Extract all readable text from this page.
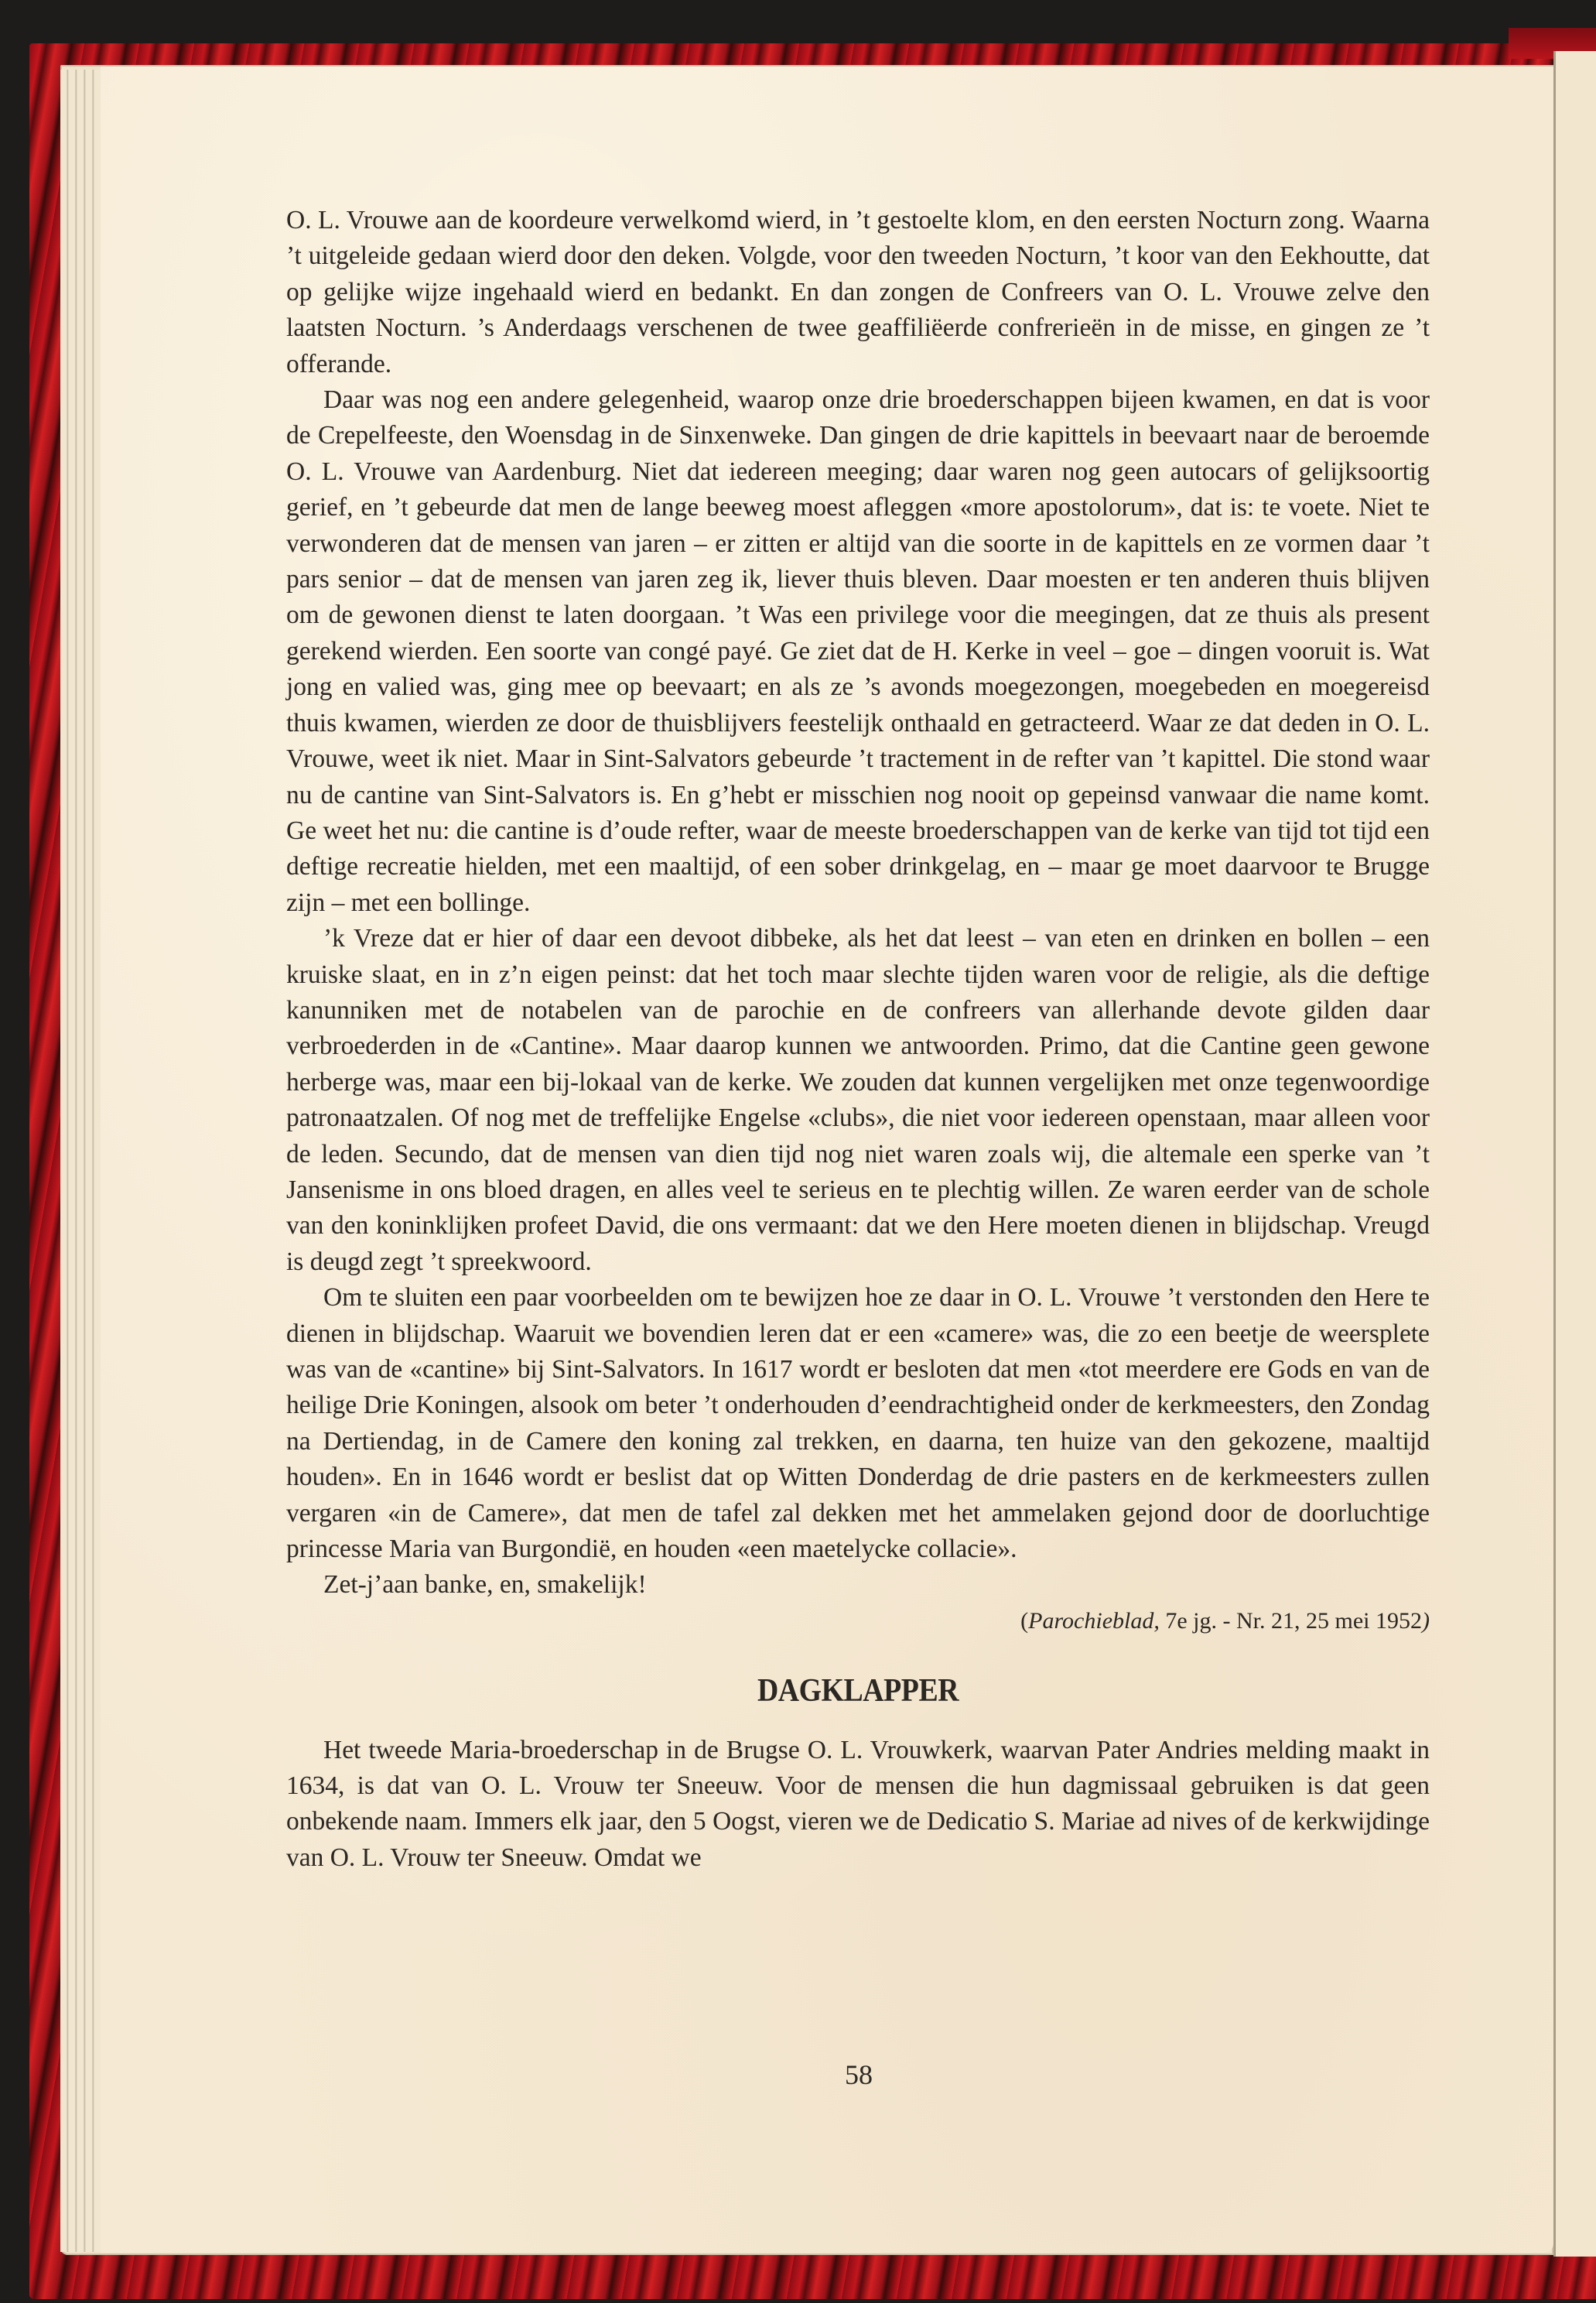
O. L. Vrouwe aan de koordeure verwelkomd wierd, in ’t gestoelte klom, en den eersten Nocturn zong. Waarna ’t uitgeleide gedaan wierd door den deken. Volgde, voor den tweeden Nocturn, ’t koor van den Eekhoutte, dat op gelijke wijze ingehaald wierd en bedankt. En dan zongen de Confreers van O. L. Vrouwe zelve den laatsten Nocturn. ’s Anderdaags verschenen de twee geaffiliëerde confrerieën in de misse, en gingen ze ’t offerande.

Daar was nog een andere gelegenheid, waarop onze drie broederschappen bijeen kwamen, en dat is voor de Crepelfeeste, den Woensdag in de Sinxenweke. Dan gingen de drie kapittels in beevaart naar de beroemde O. L. Vrouwe van Aardenburg. Niet dat iedereen meeging; daar waren nog geen autocars of gelijksoortig gerief, en ’t gebeurde dat men de lange beeweg moest afleggen «more apostolorum», dat is: te voete. Niet te verwonderen dat de mensen van jaren – er zitten er altijd van die soorte in de kapittels en ze vormen daar ’t pars senior – dat de mensen van jaren zeg ik, liever thuis bleven. Daar moesten er ten anderen thuis blijven om de gewonen dienst te laten doorgaan. ’t Was een privilege voor die meegingen, dat ze thuis als present gerekend wierden. Een soorte van congé payé. Ge ziet dat de H. Kerke in veel – goe – dingen vooruit is. Wat jong en valied was, ging mee op beevaart; en als ze ’s avonds moegezongen, moegebeden en moegereisd thuis kwamen, wierden ze door de thuisblijvers feestelijk onthaald en getracteerd. Waar ze dat deden in O. L. Vrouwe, weet ik niet. Maar in Sint-Salvators gebeurde ’t tractement in de refter van ’t kapittel. Die stond waar nu de cantine van Sint-Salvators is. En g’hebt er misschien nog nooit op gepeinsd vanwaar die name komt. Ge weet het nu: die cantine is d’oude refter, waar de meeste broederschappen van de kerke van tijd tot tijd een deftige recreatie hielden, met een maaltijd, of een sober drinkgelag, en – maar ge moet daarvoor te Brugge zijn – met een bollinge.

’k Vreze dat er hier of daar een devoot dibbeke, als het dat leest – van eten en drinken en bollen – een kruiske slaat, en in z’n eigen peinst: dat het toch maar slechte tijden waren voor de religie, als die deftige kanunniken met de notabelen van de parochie en de confreers van allerhande devote gilden daar verbroederden in de «Cantine». Maar daarop kunnen we antwoorden. Primo, dat die Cantine geen gewone herberge was, maar een bij-lokaal van de kerke. We zouden dat kunnen vergelijken met onze tegenwoordige patronaatzalen. Of nog met de treffelijke Engelse «clubs», die niet voor iedereen openstaan, maar alleen voor de leden. Secundo, dat de mensen van dien tijd nog niet waren zoals wij, die altemale een sperke van ’t Jansenisme in ons bloed dragen, en alles veel te serieus en te plechtig willen. Ze waren eerder van de schole van den koninklijken profeet David, die ons vermaant: dat we den Here moeten dienen in blijdschap. Vreugd is deugd zegt ’t spreekwoord.

Om te sluiten een paar voorbeelden om te bewijzen hoe ze daar in O. L. Vrouwe ’t verstonden den Here te dienen in blijdschap. Waaruit we bovendien leren dat er een «camere» was, die zo een beetje de weersplete was van de «cantine» bij Sint-Salvators. In 1617 wordt er besloten dat men «tot meerdere ere Gods en van de heilige Drie Koningen, alsook om beter ’t onderhouden d’eendrachtigheid onder de kerkmeesters, den Zondag na Dertiendag, in de Camere den koning zal trekken, en daarna, ten huize van den gekozene, maaltijd houden». En in 1646 wordt er beslist dat op Witten Donderdag de drie pasters en de kerkmeesters zullen vergaren «in de Camere», dat men de tafel zal dekken met het ammelaken gejond door de doorluchtige princesse Maria van Burgondië, en houden «een maetelycke collacie».

Zet-j’aan banke, en, smakelijk!

(Parochieblad, 7e jg. - Nr. 21, 25 mei 1952)

DAGKLAPPER

Het tweede Maria-broederschap in de Brugse O. L. Vrouwkerk, waarvan Pater Andries melding maakt in 1634, is dat van O. L. Vrouw ter Sneeuw. Voor de mensen die hun dagmissaal gebruiken is dat geen onbekende naam. Immers elk jaar, den 5 Oogst, vieren we de Dedicatio S. Mariae ad nives of de kerkwijdinge van O. L. Vrouw ter Sneeuw. Omdat we

58
